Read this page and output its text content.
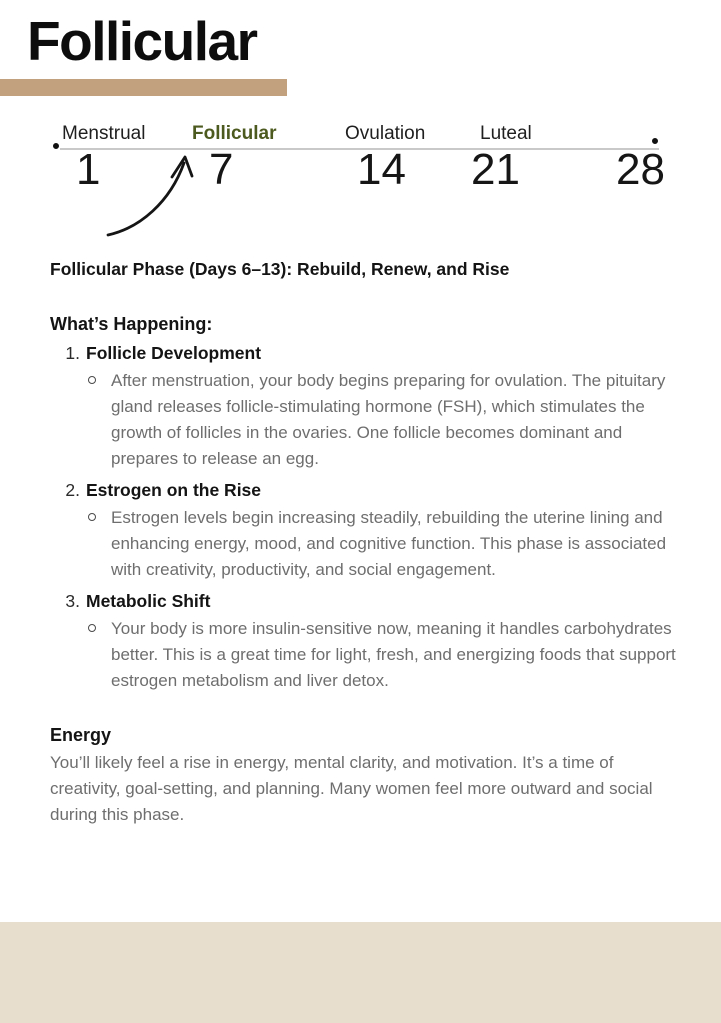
Follicular
Menstrual Follicular	Ovulation	Luteal
1 7	14 21 28
Follicular Phase (Days 6–13): Rebuild, Renew, and Rise
What’s Happening:
1. Follicle Development

After menstruation, your body begins preparing for ovulation. The pituitary gland releases follicle-stimulating hormone (FSH), which stimulates the growth of follicles in the ovaries. One follicle becomes dominant and prepares to release an egg.

2. Estrogen on the Rise

Estrogen levels begin increasing steadily, rebuilding the uterine lining and enhancing energy, mood, and cognitive function. This phase is associated with creativity, productivity, and social engagement.

3. Metabolic Shift

Your body is more insulin-sensitive now, meaning it handles carbohydrates better. This is a great time for light, fresh, and energizing foods that support estrogen metabolism and liver detox.

Energy

You’ll likely feel a rise in energy, mental clarity, and motivation. It’s a time of creativity, goal-setting, and planning. Many women feel more outward and social during this phase.
